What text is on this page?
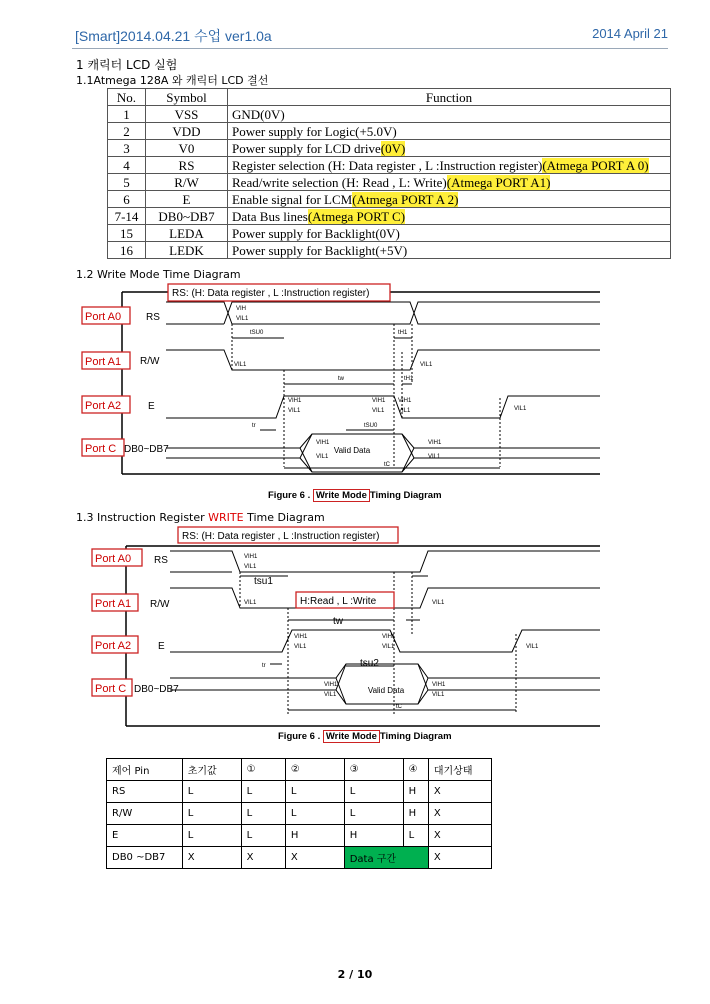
[Smart]2014.04.21 수업 ver1.0a	2014 April 21
1 캐릭터 LCD 실험
1.1Atmega 128A 와 캐릭터 LCD 결선
No.	Symbol	Function
1	VSS	GND(0V)
2	VDD	Power supply for Logic(+5.0V)
3	V0	Power supply for LCD drive(0V)
4	RS	Register selection (H: Data register , L :Instruction register)(Atmega PORT A 0)
5	R/W	Read/write selection (H: Read , L: Write)(Atmega PORT A1)
6	E	Enable signal for LCM(Atmega PORT A 2)
7-14	DB0~DB7	Data Bus lines(Atmega PORT C)
15	LEDA	Power supply for Backlight(0V)
16	LEDK	Power supply for Backlight(+5V)
1.2 Write Mode Time Diagram
VIH
VIL1
tSU0	tH1
VIL1	VIL1
tw	tH1
VIH1
VIL1
VIH1
VIL1
VIH1
VIL1	VIL1
tr	tSU0
VIH1
VIL1
VIH1
VIL1
tC
Valid Data
RS: (H: Data register , L :Instruction register)
Port A0
Port A1
Port A2
Port C
RS
R/W
E
DB0~DB7
Figure 6 . Write Mode Timing Diagram
1.3 Instruction Register WRITE Time Diagram
VIH1
VIL1
VIL1	VIL1
VIH1
VIL1
VIH1
VIL1	VIL1
tr
VIH1
VIL1
VIH1
VIL1
tC
tsu1
tw
tsu2
Valid Data
RS: (H: Data register , L :Instruction register)
H:Read , L :Write
Port A0
Port A1
Port A2
Port C
RS
R/W
E
DB0~DB7
Figure 6 . Write Mode Timing Diagram
제어 Pin	초기값	①	②	③	④	대기상태
RS	L	L	L	L	H	X
R/W	L	L	L	L	H	X
E	L	L	H	H	L	X
DB0 ~DB7	X	X	X	Data 구간		X
2 / 10
